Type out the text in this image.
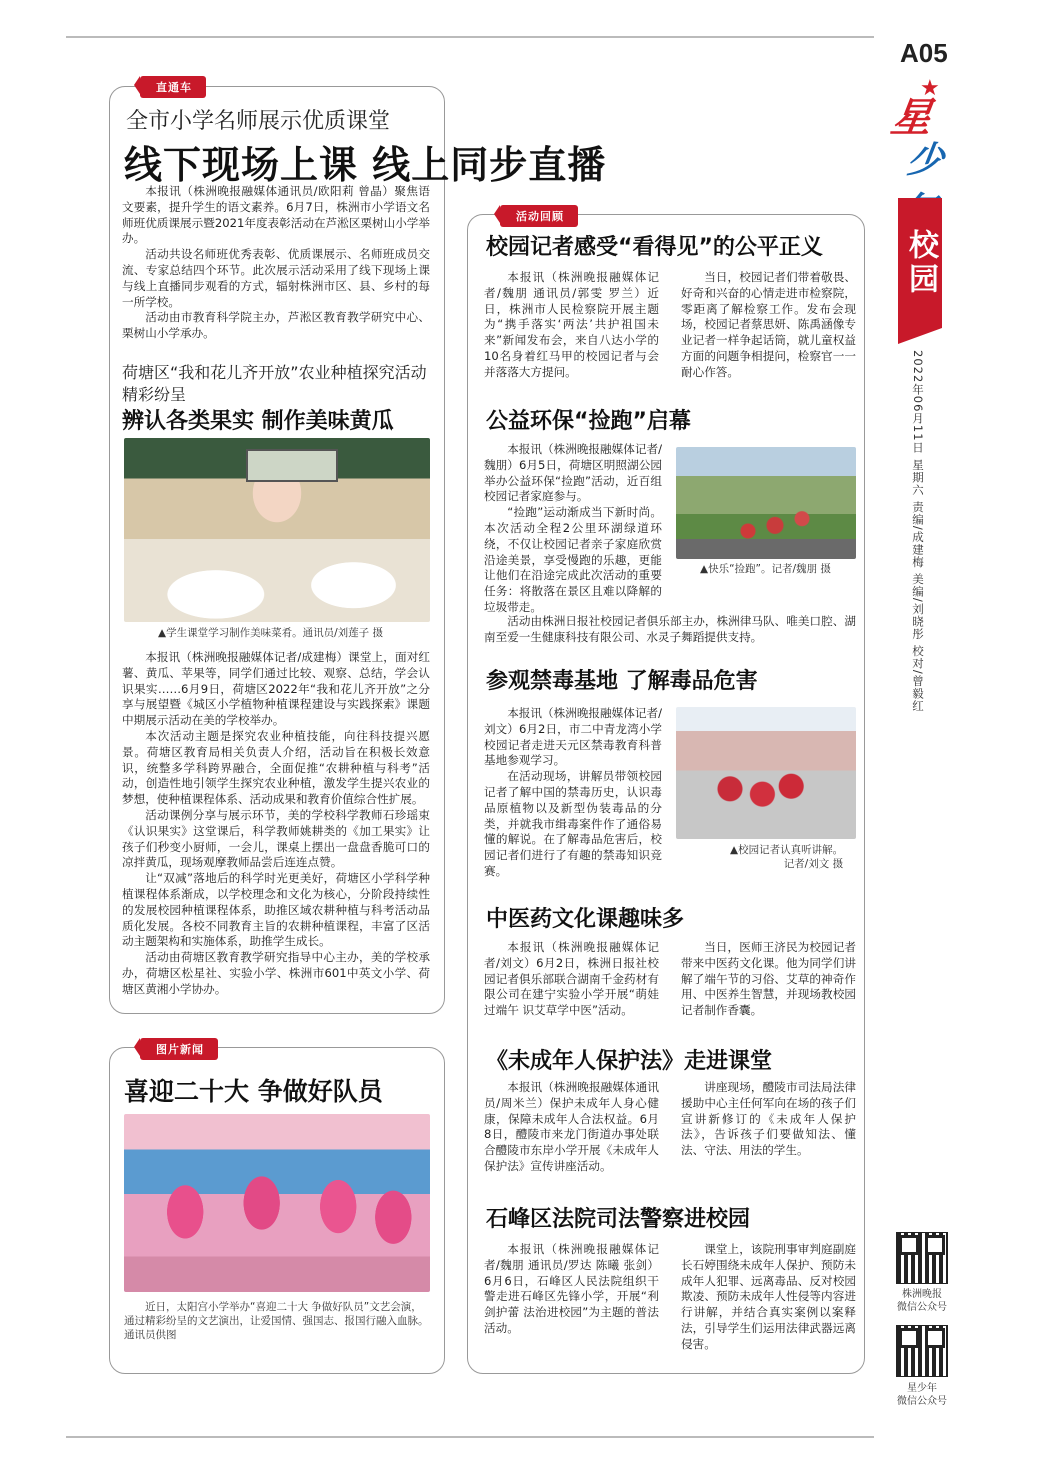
A05
★
星
少年
校园
2022年06月11日 星期六 责编/成建梅 美编/刘晓彤 校对/曾毅红
株洲晚报
微信公众号
星少年
微信公众号
直通车
全市小学名师展示优质课堂
线下现场上课 线上同步直播

本报讯（株洲晚报融媒体通讯员/欧阳莉 曾晶）聚焦语文要素，提升学生的语文素养。6月7日，株洲市小学语文名师班优质课展示暨2021年度表彰活动在芦淞区栗树山小学举办。

活动共设名师班优秀表彰、优质课展示、名师班成员交流、专家总结四个环节。此次展示活动采用了线下现场上课与线上直播同步观看的方式，辐射株洲市区、县、乡村的每一所学校。

活动由市教育科学院主办，芦淞区教育教学研究中心、栗树山小学承办。

荷塘区“我和花儿齐开放”农业种植探究活动精彩纷呈
辨认各类果实 制作美味黄瓜
▲学生课堂学习制作美味菜肴。通讯员/刘莲子 摄

本报讯（株洲晚报融媒体记者/成建梅）课堂上，面对红薯、黄瓜、苹果等，同学们通过比较、观察、总结，学会认识果实……6月9日，荷塘区2022年“我和花儿齐开放”之分享与展望暨《城区小学植物种植课程建设与实践探索》课题中期展示活动在美的学校举办。

本次活动主题是探究农业种植技能，向往科技提兴愿景。荷塘区教育局相关负责人介绍，活动旨在积极长效意识，统整多学科跨界融合，全面促推“农耕种植与科考”活动，创造性地引领学生探究农业种植，激发学生提兴农业的梦想，使种植课程体系、活动成果和教育价值综合性扩展。

活动课例分享与展示环节，美的学校科学教师石珍瑶束《认识果实》这堂课后，科学教师姚耕类的《加工果实》让孩子们秒变小厨师，一会儿，课桌上摆出一盘盘香脆可口的凉拌黄瓜，现场观摩教师品尝后连连点赞。

让“双减”落地后的科学时光更美好，荷塘区小学科学种植课程体系渐成，以学校理念和文化为核心，分阶段持续性的发展校园种植课程体系，助推区域农耕种植与科考活动品质化发展。各校不同教育主旨的农耕种植课程，丰富了区活动主题架构和实施体系，助推学生成长。

活动由荷塘区教育教学研究指导中心主办，美的学校承办，荷塘区松星社、实验小学、株洲市601中英文小学、荷塘区黄湘小学协办。

图片新闻
喜迎二十大 争做好队员
近日，太阳宫小学举办“喜迎二十大 争做好队员”文艺会演，通过精彩纷呈的文艺演出，让爱国情、强国志、报国行融入血脉。通讯员供图
活动回顾
校园记者感受“看得见”的公平正义

本报讯（株洲晚报融媒体记者/魏朋 通讯员/郭雯 罗兰）近日，株洲市人民检察院开展主题为“携手落实‘两法’共护祖国未来”新闻发布会，来自八达小学的10名身着红马甲的校园记者与会并落落大方提问。

当日，校园记者们带着敬畏、好奇和兴奋的心情走进市检察院，零距离了解检察工作。发布会现场，校园记者蔡思妍、陈禹涵像专业记者一样争起话筒，就儿童权益方面的问题争相提问，检察官一一耐心作答。

公益环保“捡跑”启幕
▲快乐“捡跑”。记者/魏朋 摄

本报讯（株洲晚报融媒体记者/魏朋）6月5日，荷塘区明照湖公园举办公益环保“捡跑”活动，近百组校园记者家庭参与。

“捡跑”运动渐成当下新时尚。本次活动全程2公里环湖绿道环绕，不仅让校园记者亲子家庭欣赏沿途美景，享受慢跑的乐趣，更能让他们在沿途完成此次活动的重要任务：将散落在景区且难以降解的垃圾带走。

活动由株洲日报社校园记者俱乐部主办，株洲律马队、唯美口腔、湖南至爱一生健康科技有限公司、水灵子舞蹈提供支持。

参观禁毒基地 了解毒品危害

本报讯（株洲晚报融媒体记者/刘文）6月2日，市二中青龙湾小学校园记者走进天元区禁毒教育科普基地参观学习。

在活动现场，讲解员带领校园记者了解中国的禁毒历史，认识毒品原植物以及新型伪装毒品的分类，并就我市缉毒案件作了通俗易懂的解说。在了解毒品危害后，校园记者们进行了有趣的禁毒知识竞赛。

▲校园记者认真听讲解。
记者/刘文 摄
中医药文化课趣味多

本报讯（株洲晚报融媒体记者/刘文）6月2日，株洲日报社校园记者俱乐部联合湖南千金药材有限公司在建宁实验小学开展“萌娃过端午 识艾草学中医”活动。

当日，医师王济民为校园记者带来中医药文化课。他为同学们讲解了端午节的习俗、艾草的神奇作用、中医养生智慧，并现场教校园记者制作香囊。

《未成年人保护法》走进课堂

本报讯（株洲晚报融媒体通讯员/周米兰）保护未成年人身心健康，保障未成年人合法权益。6月8日，醴陵市来龙门街道办事处联合醴陵市东岸小学开展《未成年人保护法》宣传讲座活动。

讲座现场，醴陵市司法局法律援助中心主任何军向在场的孩子们宣讲新修订的《未成年人保护法》，告诉孩子们要做知法、懂法、守法、用法的学生。

石峰区法院司法警察进校园

本报讯（株洲晚报融媒体记者/魏朋 通讯员/罗达 陈曦 张剑）6月6日，石峰区人民法院组织干警走进石峰区先锋小学，开展“利剑护蕾 法治进校园”为主题的普法活动。

课堂上，该院刑事审判庭副庭长石婷围绕未成年人保护、预防未成年人犯罪、远离毒品、反对校园欺凌、预防未成年人性侵等内容进行讲解，并结合真实案例以案释法，引导学生们运用法律武器远离侵害。
